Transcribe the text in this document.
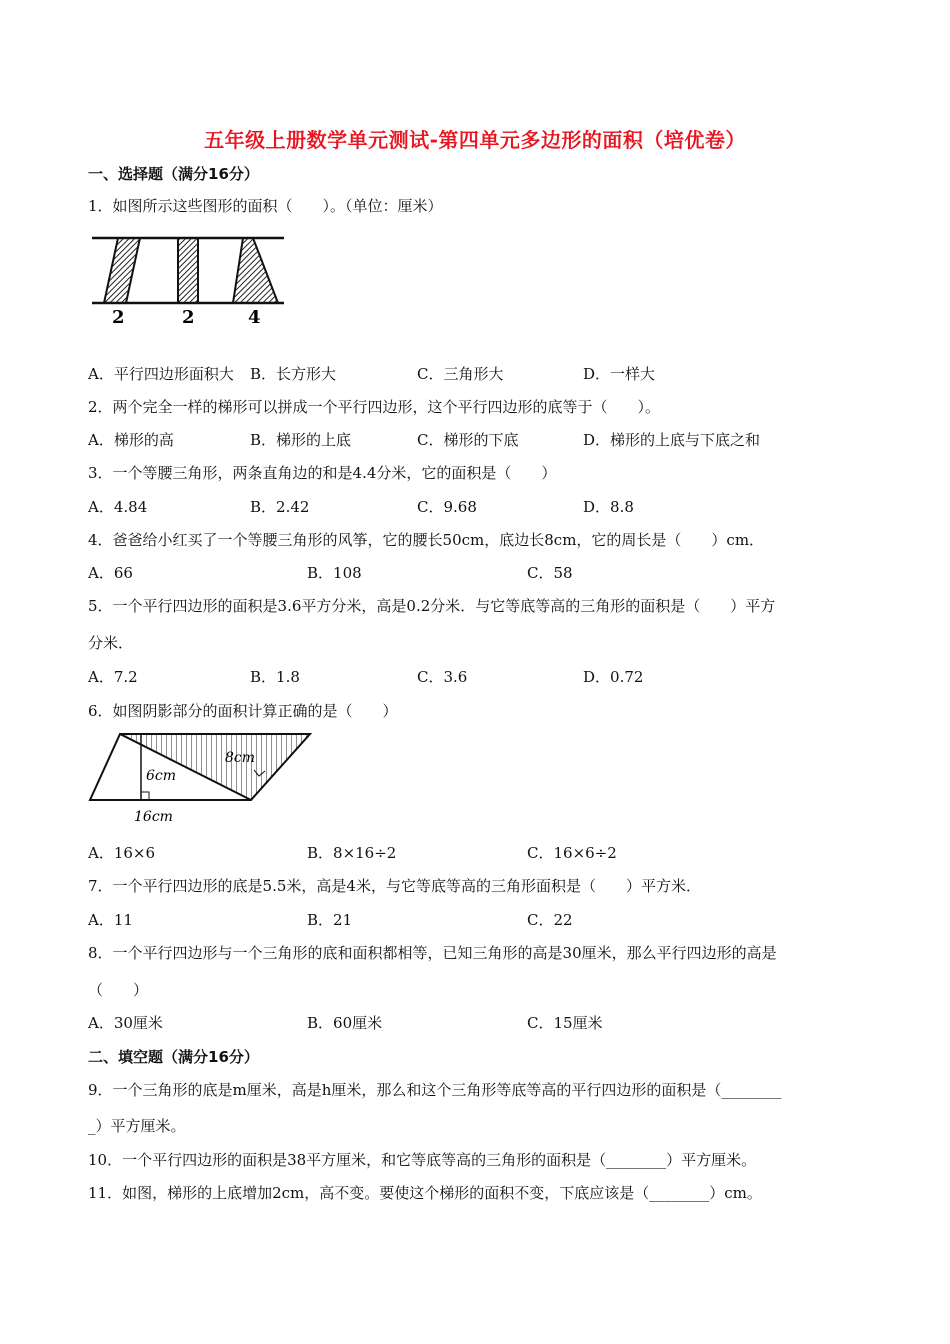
五年级上册数学单元测试-第四单元多边形的面积（培优卷）
一、选择题（满分16分）
1．如图所示这些图形的面积（　　）。（单位：厘米）
2	2	4
A．平行四边形面积大 B．长方形大	C．三角形大	D．一样大
2．两个完全一样的梯形可以拼成一个平行四边形，这个平行四边形的底等于（　　）。
A．梯形的高	B．梯形的上底	C．梯形的下底	D．梯形的上底与下底之和
3．一个等腰三角形，两条直角边的和是4.4分米，它的面积是（　　）
A．4.84	B．2.42	C．9.68	D．8.8
4．爸爸给小红买了一个等腰三角形的风筝，它的腰长50cm，底边长8cm，它的周长是（　　）cm．
A．66	B．108	C．58
5．一个平行四边形的面积是3.6平方分米，高是0.2分米．与它等底等高的三角形的面积是（　　）平方
分米．
A．7.2	B．1.8	C．3.6	D．0.72
6．如图阴影部分的面积计算正确的是（　　）
8cm
6cm
16cm
A．16×6	B．8×16÷2	C．16×6÷2
7．一个平行四边形的底是5.5米，高是4米，与它等底等高的三角形面积是（　　）平方米．
A．11	B．21	C．22
8．一个平行四边形与一个三角形的底和面积都相等，已知三角形的高是30厘米，那么平行四边形的高是
（　　）
A．30厘米	B．60厘米	C．15厘米
二、填空题（满分16分）
9．一个三角形的底是m厘米，高是h厘米，那么和这个三角形等底等高的平行四边形的面积是（________
_）平方厘米。
10．一个平行四边形的面积是38平方厘米，和它等底等高的三角形的面积是（________）平方厘米。
11．如图，梯形的上底增加2cm，高不变。要使这个梯形的面积不变，下底应该是（________）cm。
